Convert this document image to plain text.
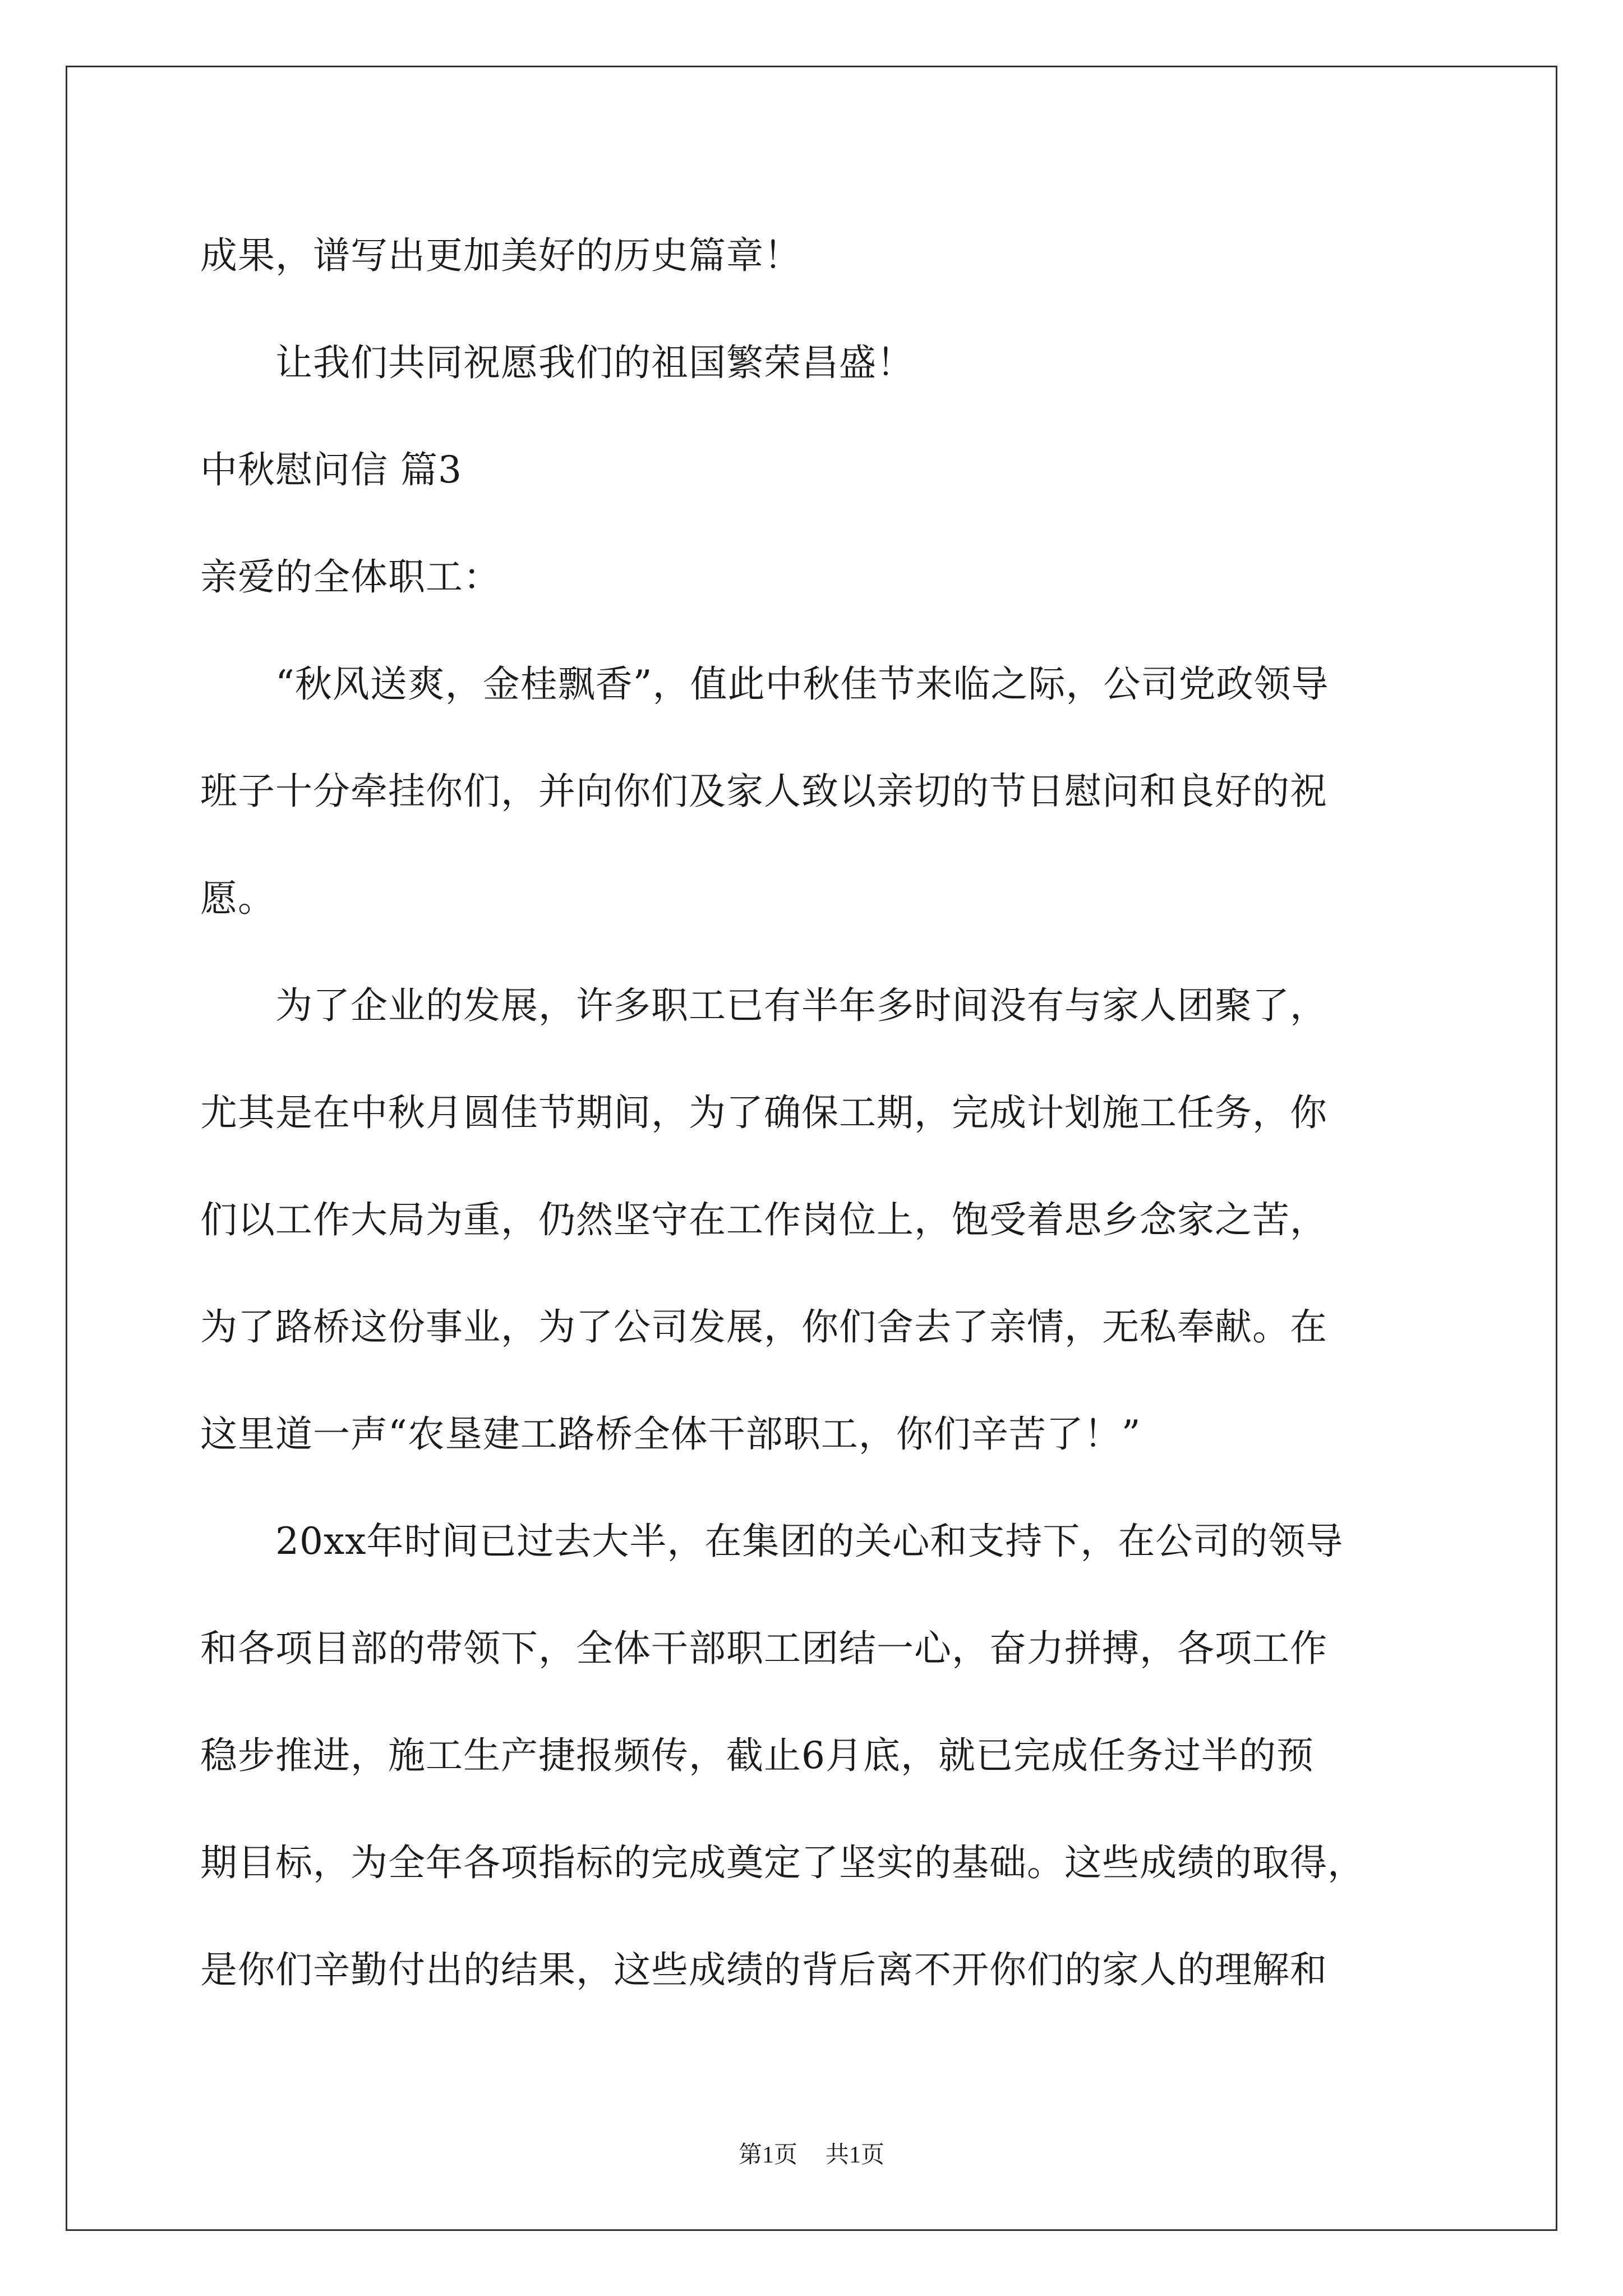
成果，谱写出更加美好的历史篇章！
　　让我们共同祝愿我们的祖国繁荣昌盛！
中秋慰问信 篇3
亲爱的全体职工：
　　“秋风送爽，金桂飘香”，值此中秋佳节来临之际，公司党政领导
班子十分牵挂你们，并向你们及家人致以亲切的节日慰问和良好的祝
愿。
　　为了企业的发展，许多职工已有半年多时间没有与家人团聚了，
尤其是在中秋月圆佳节期间，为了确保工期，完成计划施工任务，你
们以工作大局为重，仍然坚守在工作岗位上，饱受着思乡念家之苦，
为了路桥这份事业，为了公司发展，你们舍去了亲情，无私奉献。在
这里道一声“农垦建工路桥全体干部职工，你们辛苦了！”
　　20xx年时间已过去大半，在集团的关心和支持下，在公司的领导
和各项目部的带领下，全体干部职工团结一心，奋力拼搏，各项工作
稳步推进，施工生产捷报频传，截止6月底，就已完成任务过半的预
期目标，为全年各项指标的完成奠定了坚实的基础。这些成绩的取得，
是你们辛勤付出的结果，这些成绩的背后离不开你们的家人的理解和
第1页 共1页
